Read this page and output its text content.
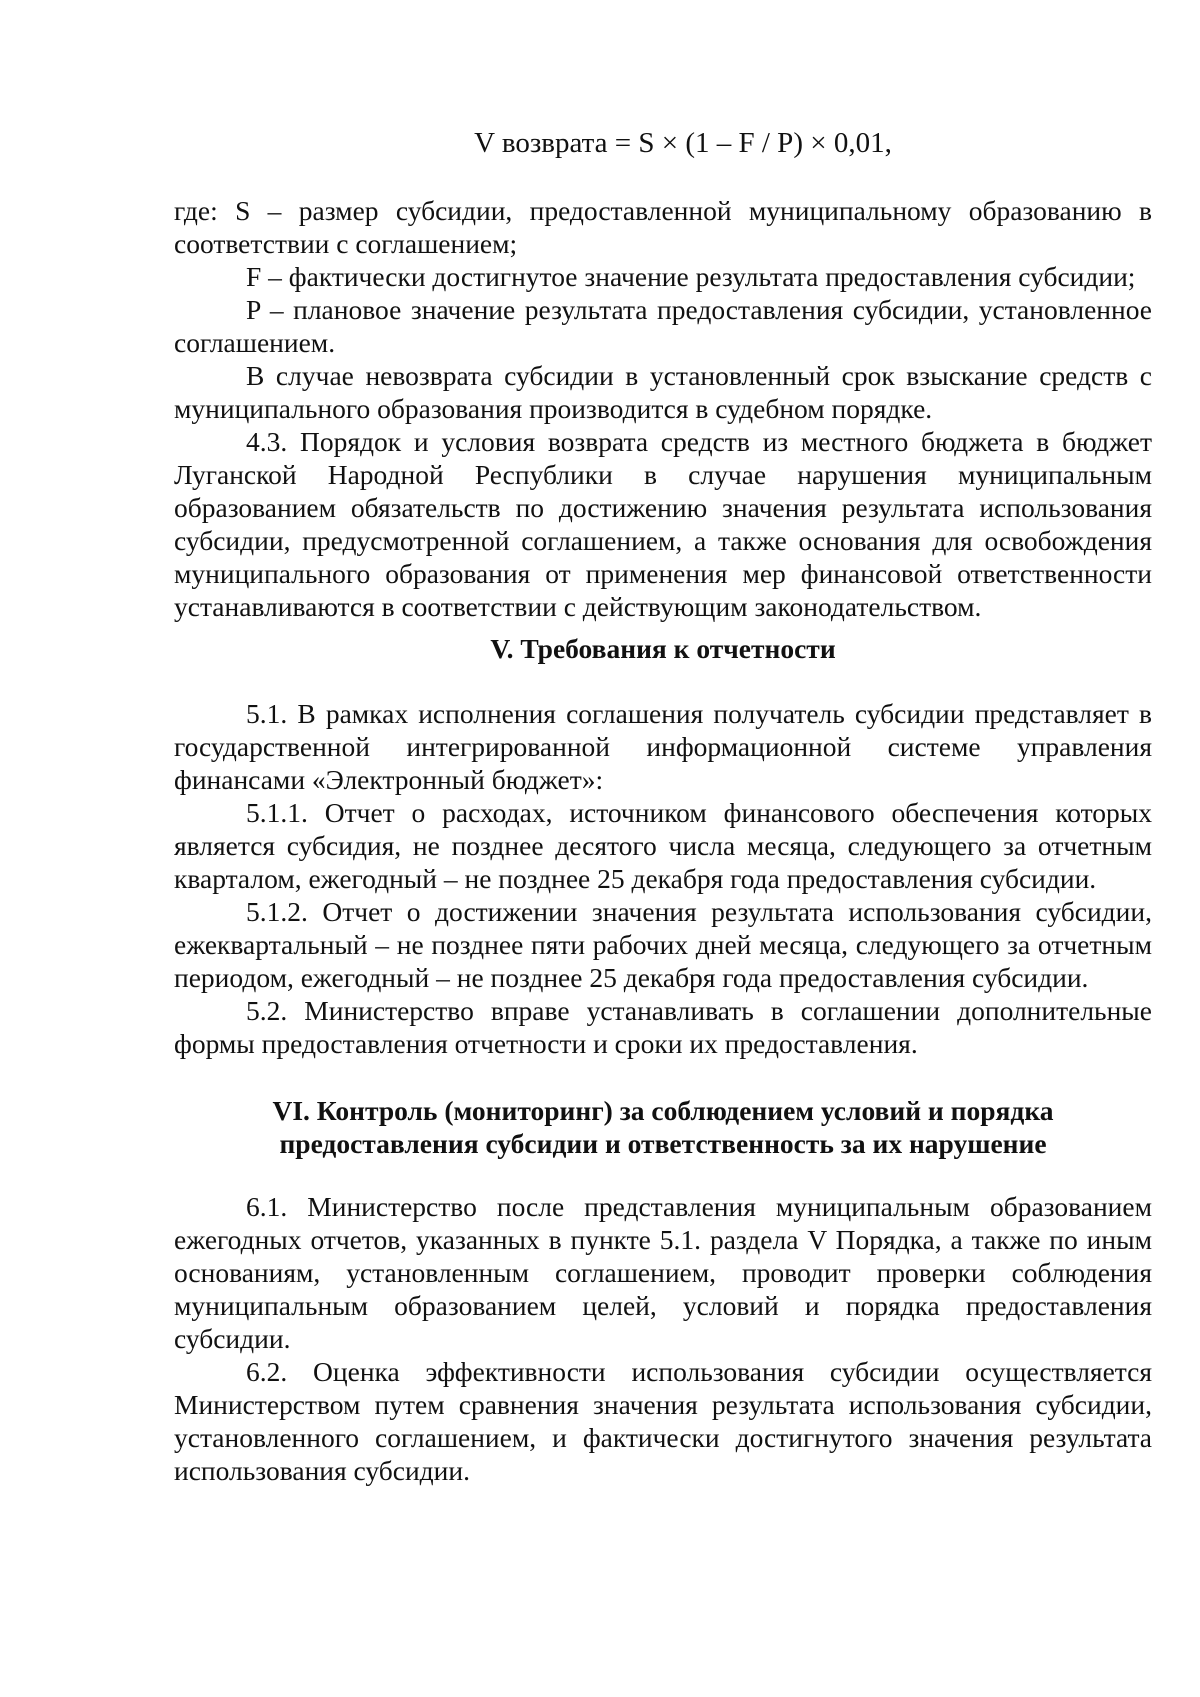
V возврата = S × (1 – F / P) × 0,01,

где: S – размер субсидии, предоставленной муниципальному образованию в соответствии с соглашением;

F – фактически достигнутое значение результата предоставления субсидии;

P – плановое значение результата предоставления субсидии, установленное соглашением.

В случае невозврата субсидии в установленный срок взыскание средств с муниципального образования производится в судебном порядке.

4.3. Порядок и условия возврата средств из местного бюджета в бюджет Луганской Народной Республики в случае нарушения муниципальным образованием обязательств по достижению значения результата использования субсидии, предусмотренной соглашением, а также основания для освобождения муниципального образования от применения мер финансовой ответственности устанавливаются в соответствии с действующим законодательством.

V. Требования к отчетности

5.1. В рамках исполнения соглашения получатель субсидии представляет в государственной интегрированной информационной системе управления финансами «Электронный бюджет»:

5.1.1. Отчет о расходах, источником финансового обеспечения которых является субсидия, не позднее десятого числа месяца, следующего за отчетным кварталом, ежегодный – не позднее 25 декабря года предоставления субсидии.

5.1.2. Отчет о достижении значения результата использования субсидии, ежеквартальный – не позднее пяти рабочих дней месяца, следующего за отчетным периодом, ежегодный – не позднее 25 декабря года предоставления субсидии.

5.2. Министерство вправе устанавливать в соглашении дополнительные формы предоставления отчетности и сроки их предоставления.

VI. Контроль (мониторинг) за соблюдением условий и порядка
предоставления субсидии и ответственность за их нарушение

6.1. Министерство после представления муниципальным образованием ежегодных отчетов, указанных в пункте 5.1. раздела V Порядка, а также по иным основаниям, установленным соглашением, проводит проверки соблюдения муниципальным образованием целей, условий и порядка предоставления субсидии.

6.2. Оценка эффективности использования субсидии осуществляется Министерством путем сравнения значения результата использования субсидии, установленного соглашением, и фактически достигнутого значения результата использования субсидии.
